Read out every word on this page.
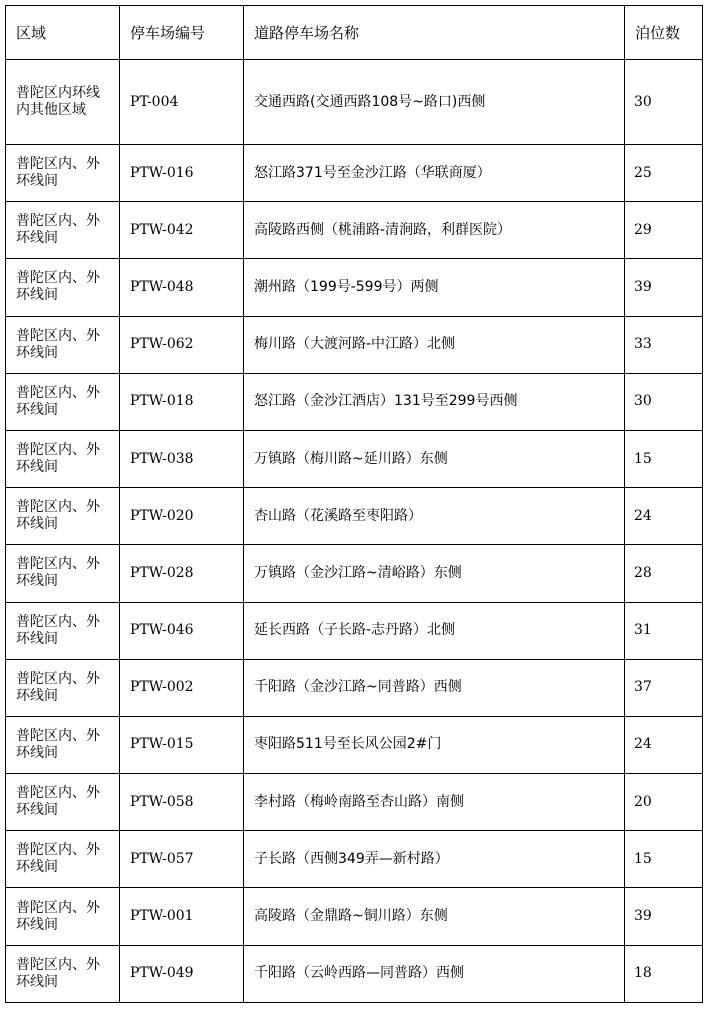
区域	停车场编号	道路停车场名称	泊位数
普陀区内环线内其他区域	PT-004	交通西路(交通西路108号~路口)西侧	30
普陀区内、外环线间	PTW-016	怒江路371号至金沙江路（华联商厦）	25
普陀区内、外环线间	PTW-042	高陵路西侧（桃浦路-清涧路，利群医院）	29
普陀区内、外环线间	PTW-048	潮州路（199号-599号）两侧	39
普陀区内、外环线间	PTW-062	梅川路（大渡河路-中江路）北侧	33
普陀区内、外环线间	PTW-018	怒江路（金沙江酒店）131号至299号西侧	30
普陀区内、外环线间	PTW-038	万镇路（梅川路~延川路）东侧	15
普陀区内、外环线间	PTW-020	杏山路（花溪路至枣阳路）	24
普陀区内、外环线间	PTW-028	万镇路（金沙江路~清峪路）东侧	28
普陀区内、外环线间	PTW-046	延长西路（子长路-志丹路）北侧	31
普陀区内、外环线间	PTW-002	千阳路（金沙江路~同普路）西侧	37
普陀区内、外环线间	PTW-015	枣阳路511号至长风公园2#门	24
普陀区内、外环线间	PTW-058	李村路（梅岭南路至杏山路）南侧	20
普陀区内、外环线间	PTW-057	子长路（西侧349弄—新村路）	15
普陀区内、外环线间	PTW-001	高陵路（金鼎路~铜川路）东侧	39
普陀区内、外环线间	PTW-049	千阳路（云岭西路—同普路）西侧	18
